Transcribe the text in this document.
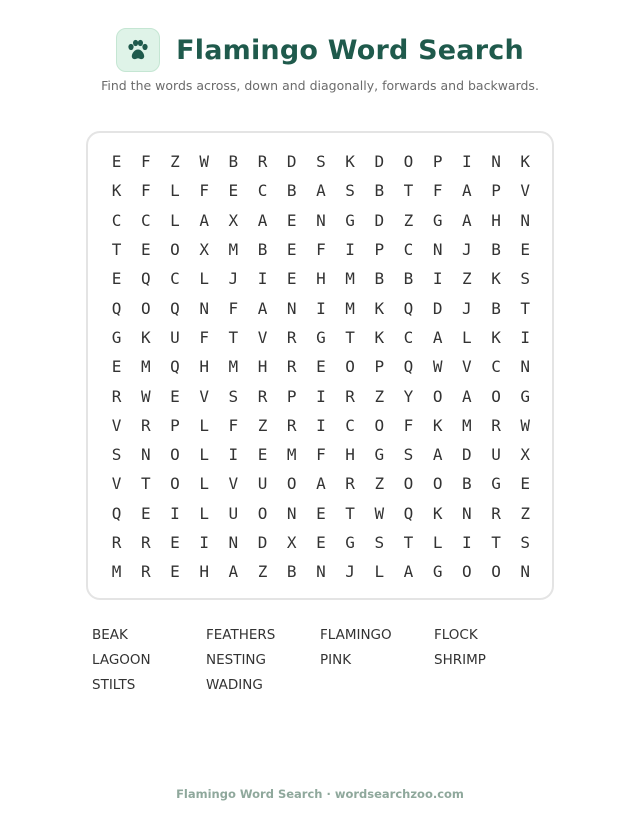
Flamingo Word Search
Find the words across, down and diagonally, forwards and backwards.
E	F	Z	W	B	R	D	S	K	D	O	P	I	N	K
K	F	L	F	E	C	B	A	S	B	T	F	A	P	V
C	C	L	A	X	A	E	N	G	D	Z	G	A	H	N
T	E	O	X	M	B	E	F	I	P	C	N	J	B	E
E	Q	C	L	J	I	E	H	M	B	B	I	Z	K	S
Q	O	Q	N	F	A	N	I	M	K	Q	D	J	B	T
G	K	U	F	T	V	R	G	T	K	C	A	L	K	I
E	M	Q	H	M	H	R	E	O	P	Q	W	V	C	N
R	W	E	V	S	R	P	I	R	Z	Y	O	A	O	G
V	R	P	L	F	Z	R	I	C	O	F	K	M	R	W
S	N	O	L	I	E	M	F	H	G	S	A	D	U	X
V	T	O	L	V	U	O	A	R	Z	O	O	B	G	E
Q	E	I	L	U	O	N	E	T	W	Q	K	N	R	Z
R	R	E	I	N	D	X	E	G	S	T	L	I	T	S
M	R	E	H	A	Z	B	N	J	L	A	G	O	O	N
BEAK	FEATHERS	FLAMINGO	FLOCK
LAGOON	NESTING	PINK	SHRIMP
STILTS	WADING
Flamingo Word Search · wordsearchzoo.com
